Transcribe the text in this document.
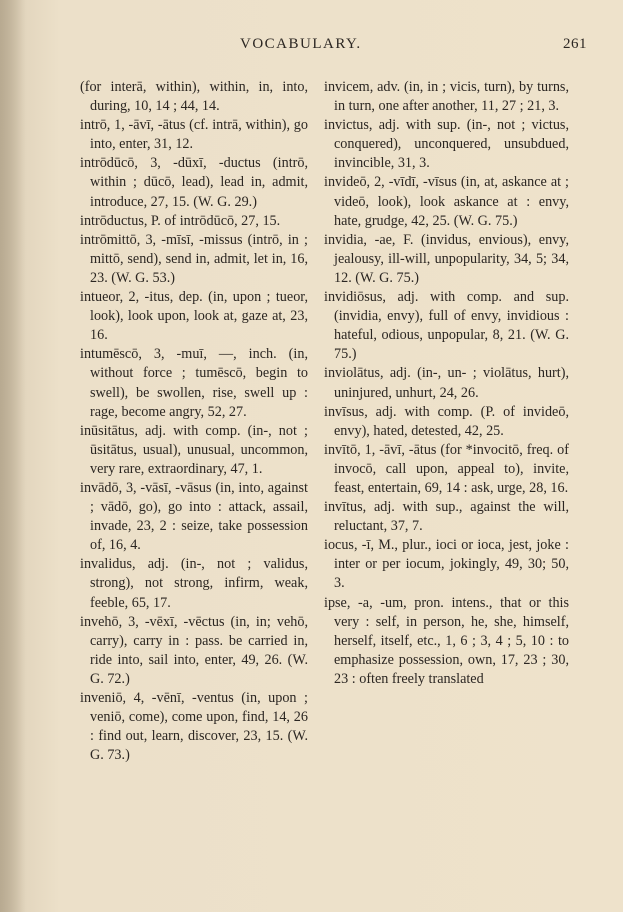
VOCABULARY.	261

(for interā, within), within, in, into, during, 10, 14 ; 44, 14.

intrō, 1, -āvī, -ātus (cf. intrā, within), go into, enter, 31, 12.

intrōdūcō, 3, -dūxī, -ductus (intrō, within ; dūcō, lead), lead in, admit, introduce, 27, 15. (W. G. 29.)

intrōductus, P. of intrōdūcō, 27, 15.

intrōmittō, 3, -mīsī, -missus (intrō, in ; mittō, send), send in, admit, let in, 16, 23. (W. G. 53.)

intueor, 2, -itus, dep. (in, upon ; tueor, look), look upon, look at, gaze at, 23, 16.

intumēscō, 3, -muī, —, inch. (in, without force ; tumēscō, begin to swell), be swollen, rise, swell up : rage, become angry, 52, 27.

inūsitātus, adj. with comp. (in-, not ; ūsitātus, usual), unusual, uncommon, very rare, extraordinary, 47, 1.

invādō, 3, -vāsī, -vāsus (in, into, against ; vādō, go), go into : attack, assail, invade, 23, 2 : seize, take possession of, 16, 4.

invalidus, adj. (in-, not ; validus, strong), not strong, infirm, weak, feeble, 65, 17.

invehō, 3, -vēxī, -vēctus (in, in; vehō, carry), carry in : pass. be carried in, ride into, sail into, enter, 49, 26. (W. G. 72.)

inveniō, 4, -vēnī, -ventus (in, upon ; veniō, come), come upon, find, 14, 26 : find out, learn, discover, 23, 15. (W. G. 73.)

invicem, adv. (in, in ; vicis, turn), by turns, in turn, one after another, 11, 27 ; 21, 3.

invictus, adj. with sup. (in-, not ; victus, conquered), unconquered, unsubdued, invincible, 31, 3.

invideō, 2, -vīdī, -vīsus (in, at, askance at ; videō, look), look askance at : envy, hate, grudge, 42, 25. (W. G. 75.)

invidia, -ae, F. (invidus, envious), envy, jealousy, ill-will, unpopularity, 34, 5; 34, 12. (W. G. 75.)

invidiōsus, adj. with comp. and sup. (invidia, envy), full of envy, invidious : hateful, odious, unpopular, 8, 21. (W. G. 75.)

inviolātus, adj. (in-, un- ; violātus, hurt), uninjured, unhurt, 24, 26.

invīsus, adj. with comp. (P. of invideō, envy), hated, detested, 42, 25.

invītō, 1, -āvī, -ātus (for *invocitō, freq. of invocō, call upon, appeal to), invite, feast, entertain, 69, 14 : ask, urge, 28, 16.

invītus, adj. with sup., against the will, reluctant, 37, 7.

iocus, -ī, M., plur., ioci or ioca, jest, joke : inter or per iocum, jokingly, 49, 30; 50, 3.

ipse, -a, -um, pron. intens., that or this very : self, in person, he, she, himself, herself, itself, etc., 1, 6 ; 3, 4 ; 5, 10 : to emphasize possession, own, 17, 23 ; 30, 23 : often freely translated
